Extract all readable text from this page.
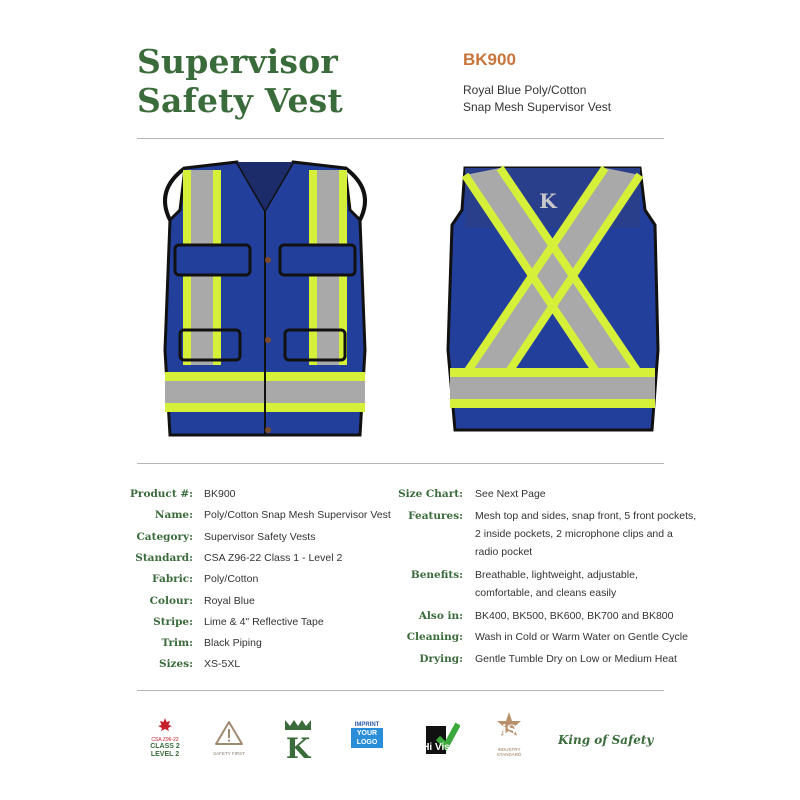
Supervisor
Safety Vest
BK900
Royal Blue Poly/Cotton
Snap Mesh Supervisor Vest
K
Product #: BK900
Name: Poly/Cotton Snap Mesh Supervisor Vest
Category: Supervisor Safety Vests
Standard: CSA Z96-22 Class 1 - Level 2
Fabric: Poly/Cotton
Colour: Royal Blue
Stripe: Lime & 4" Reflective Tape
Trim: Black Piping
Sizes: XS-5XL
Size Chart: See Next Page
Features: Mesh top and sides, snap front, 5 front pockets,
2 inside pockets, 2 microphone clips and a
radio pocket
Benefits: Breathable, lightweight, adjustable,
comfortable, and cleans easily
Also in: BK400, BK500, BK600, BK700 and BK800
Cleaning: Wash in Cold or Warm Water on Gentle Cycle
Drying: Gentle Tumble Dry on Low or Medium Heat
CSA Z96-22
CLASS 2
LEVEL 2	SAFETY FIRST K
IMPRINT
YOUR
LOGO	Hi Vis
iS
INDUSTRY
STANDARD
King of Safety
